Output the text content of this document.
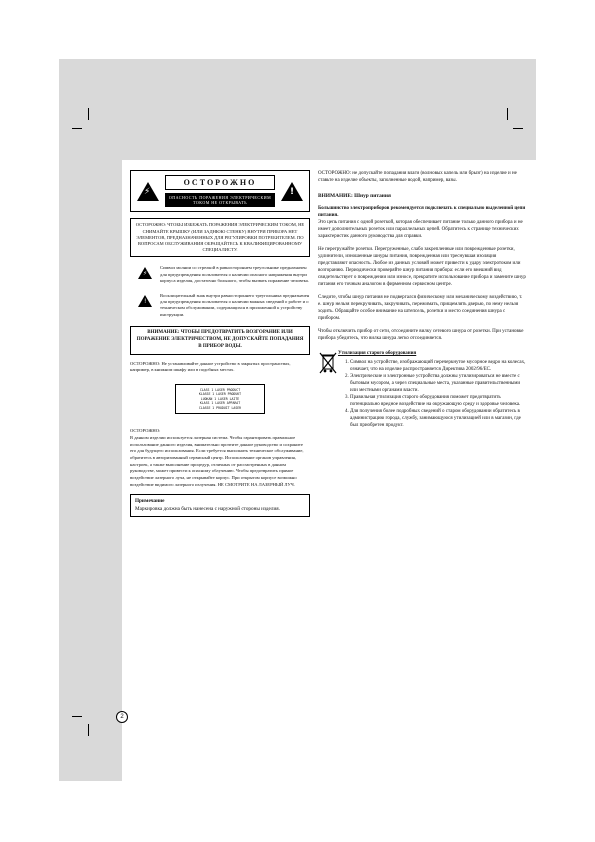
⚡
ОСТОРОЖНО
ОПАСНОСТЬ ПОРАЖЕНИЯ ЭЛЕКТРИЧЕСКИМ ТОКОМ НЕ ОТКРЫВАТЬ
!
ОСТОРОЖНО: ЧТОБЫ ИЗБЕЖАТЬ ПОРАЖЕНИЯ ЭЛЕКТРИЧЕСКИМ ТОКОМ, НЕ СНИМАЙТЕ КРЫШКУ (ИЛИ ЗАДНЮЮ СТЕНКУ) ВНУТРИ ПРИБОРА НЕТ ЭЛЕМЕНТОВ, ПРЕДНАЗНАЧЕННЫХ ДЛЯ РЕГУЛИРОВКИ ПОТРЕБИТЕЛЕМ. ПО ВОПРОСАМ ОБСЛУЖИВАНИЯ ОБРАЩАЙТЕСЬ К КВАЛИФИЦИРОВАННОМУ СПЕЦИАЛИСТУ.
⚡
Символ молнии со стрелкой в равностороннем треугольнике предназначен для предупреждения пользователя о наличии опасного напряжения внутри корпуса изделия, достаточно большого, чтобы вызвать поражение человека.
!
Восклицательный знак внутри равностороннего треугольника предназначен для предупреждения пользователя о наличии важных сведений о работе и о техническом обслуживании, содержащихся в приложенной к устройству инструкции.
ВНИМАНИЕ: ЧТОБЫ ПРЕДОТВРАТИТЬ ВОЗГОРАНИЕ ИЛИ ПОРАЖЕНИЕ ЭЛЕКТРИЧЕСТВОМ, НЕ ДОПУСКАЙТЕ ПОПАДАНИЯ В ПРИБОР ВОДЫ.
ОСТОРОЖНО: Не устанавливайте данное устройство в закрытых пространствах, например, в книжном шкафу или в подобных местах.
CLASS 1 LASER PRODUCT
KLASSE 1 LASER PRODUKT
LUOKAN 1 LASER LAITE
KLASS 1 LASER APPARAT
CLASSE 1 PRODUIT LASER
ОСТОРОЖНО:
В данном изделии используется лазерная система. Чтобы гарантировать правильное использование данного изделия, внимательно прочтите данное руководство и сохраните его для будущего использования. Если требуется выполнить техническое обслуживание, обратитесь в авторизованный сервисный центр. Использование органов управления, настроек, а также выполнение процедур, отличных от рассмотренных в данном руководстве, может привести к опасному облучению. Чтобы предотвратить прямое воздействие лазерного луча, не открывайте корпус. При открытом корпусе возможно воздействие видимого лазерного излучения. НЕ СМОТРИТЕ НА ЛАЗЕРНЫЙ ЛУЧ.
Примечание
Маркировка должна быть нанесена с наружной стороны изделия.
ОСТОРОЖНО: не допускайте попадания влаги (волновых капель или брызг) на изделие и не ставьте на изделие объекты, заполненные водой, например, вазы.
ВНИМАНИЕ: Шнур питания
Большинство электроприборов рекомендуется подключать к специально выделенной цепи питания.
Это цепь питания с одной розеткой, которая обеспечивает питание только данного прибора и не имеет дополнительных розеток или параллельных цепей. Обратитесь к странице технических характеристик данного руководства для справки.
Не перегружайте розетки. Перегруженные, слабо закрепленные или поврежденные розетки, удлинители, изношенные шнуры питания, поврежденная или треснувшая изоляция представляют опасность. Любое из данных условий может привести к удару электротоком или возгоранию. Периодически проверяйте шнур питания прибора: если его внешний вид свидетельствует о повреждении или износе, прекратите использование прибора и замените шнур питания его точным аналогом в фирменном сервисном центре.
Следите, чтобы шнур питания не подвергался физическому или механическому воздействию, т. е. шнур нельзя перекручивать, закручивать, пережимать, прищемлять дверью, по нему нельзя ходить. Обращайте особое внимание на штепсель, розетки и место соединения шнура с прибором.
Чтобы отключить прибор от сети, отсоедините вилку сетевого шнура от розетки. При установке прибора убедитесь, что вилка шнура легко отсоединяется.
Утилизация старого оборудования
1. Символ на устройстве, изображающий перечеркнутое мусорное ведро на колесах, означает, что на изделие распространяется Директива 2002/96/EC.
2. Электрические и электронные устройства должны утилизироваться не вместе с бытовым мусором, а через специальные места, указанные правительственными или местными органами власти.
3. Правильная утилизация старого оборудования поможет предотвратить потенциально вредное воздействие на окружающую среду и здоровье человека.
4. Для получения более подробных сведений о старом оборудовании обратитесь в администрацию города, службу, занимающуюся утилизацией или в магазин, где был приобретен продукт.
2
